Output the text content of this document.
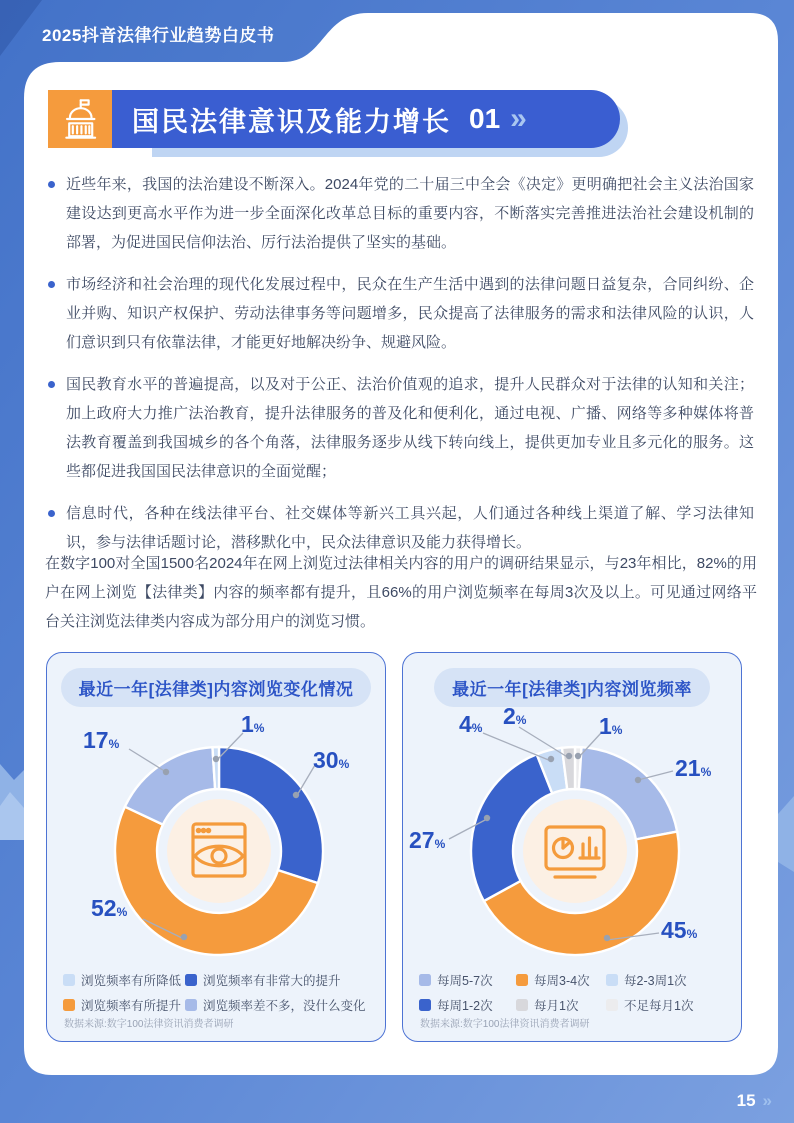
2025抖音法律行业趋势白皮书
国民法律意识及能力增长 01 »
近些年来，我国的法治建设不断深入。2024年党的二十届三中全会《决定》更明确把社会主义法治国家建设达到更高水平作为进一步全面深化改革总目标的重要内容，不断落实完善推进法治社会建设机制的部署，为促进国民信仰法治、厉行法治提供了坚实的基础。
市场经济和社会治理的现代化发展过程中，民众在生产生活中遇到的法律问题日益复杂，合同纠纷、企业并购、知识产权保护、劳动法律事务等问题增多，民众提高了法律服务的需求和法律风险的认识，人们意识到只有依靠法律，才能更好地解决纷争、规避风险。
国民教育水平的普遍提高，以及对于公正、法治价值观的追求，提升人民群众对于法律的认知和关注；加上政府大力推广法治教育，提升法律服务的普及化和便利化，通过电视、广播、网络等多种媒体将普法教育覆盖到我国城乡的各个角落，法律服务逐步从线下转向线上，提供更加专业且多元化的服务。这些都促进我国国民法律意识的全面觉醒；
信息时代，各种在线法律平台、社交媒体等新兴工具兴起，人们通过各种线上渠道了解、学习法律知识，参与法律话题讨论，潜移默化中，民众法律意识及能力获得增长。
在数字100对全国1500名2024年在网上浏览过法律相关内容的用户的调研结果显示，与23年相比，82%的用户在网上浏览【法律类】内容的频率都有提升，且66%的用户浏览频率在每周3次及以上。可见通过网络平台关注浏览法律类内容成为部分用户的浏览习惯。
最近一年[法律类]内容浏览变化情况
1%
30%
17%
52%
浏览频率有所降低 浏览频率有非常大的提升
浏览频率有所提升 浏览频率差不多，没什么变化
数据来源:数字100法律资讯消费者调研
最近一年[法律类]内容浏览频率
4% 2%	1%
21%
27%
45%
每周5-7次	每周3-4次	每2-3周1次
每周1-2次	每月1次	不足每月1次
数据来源:数字100法律资讯消费者调研
15 »
